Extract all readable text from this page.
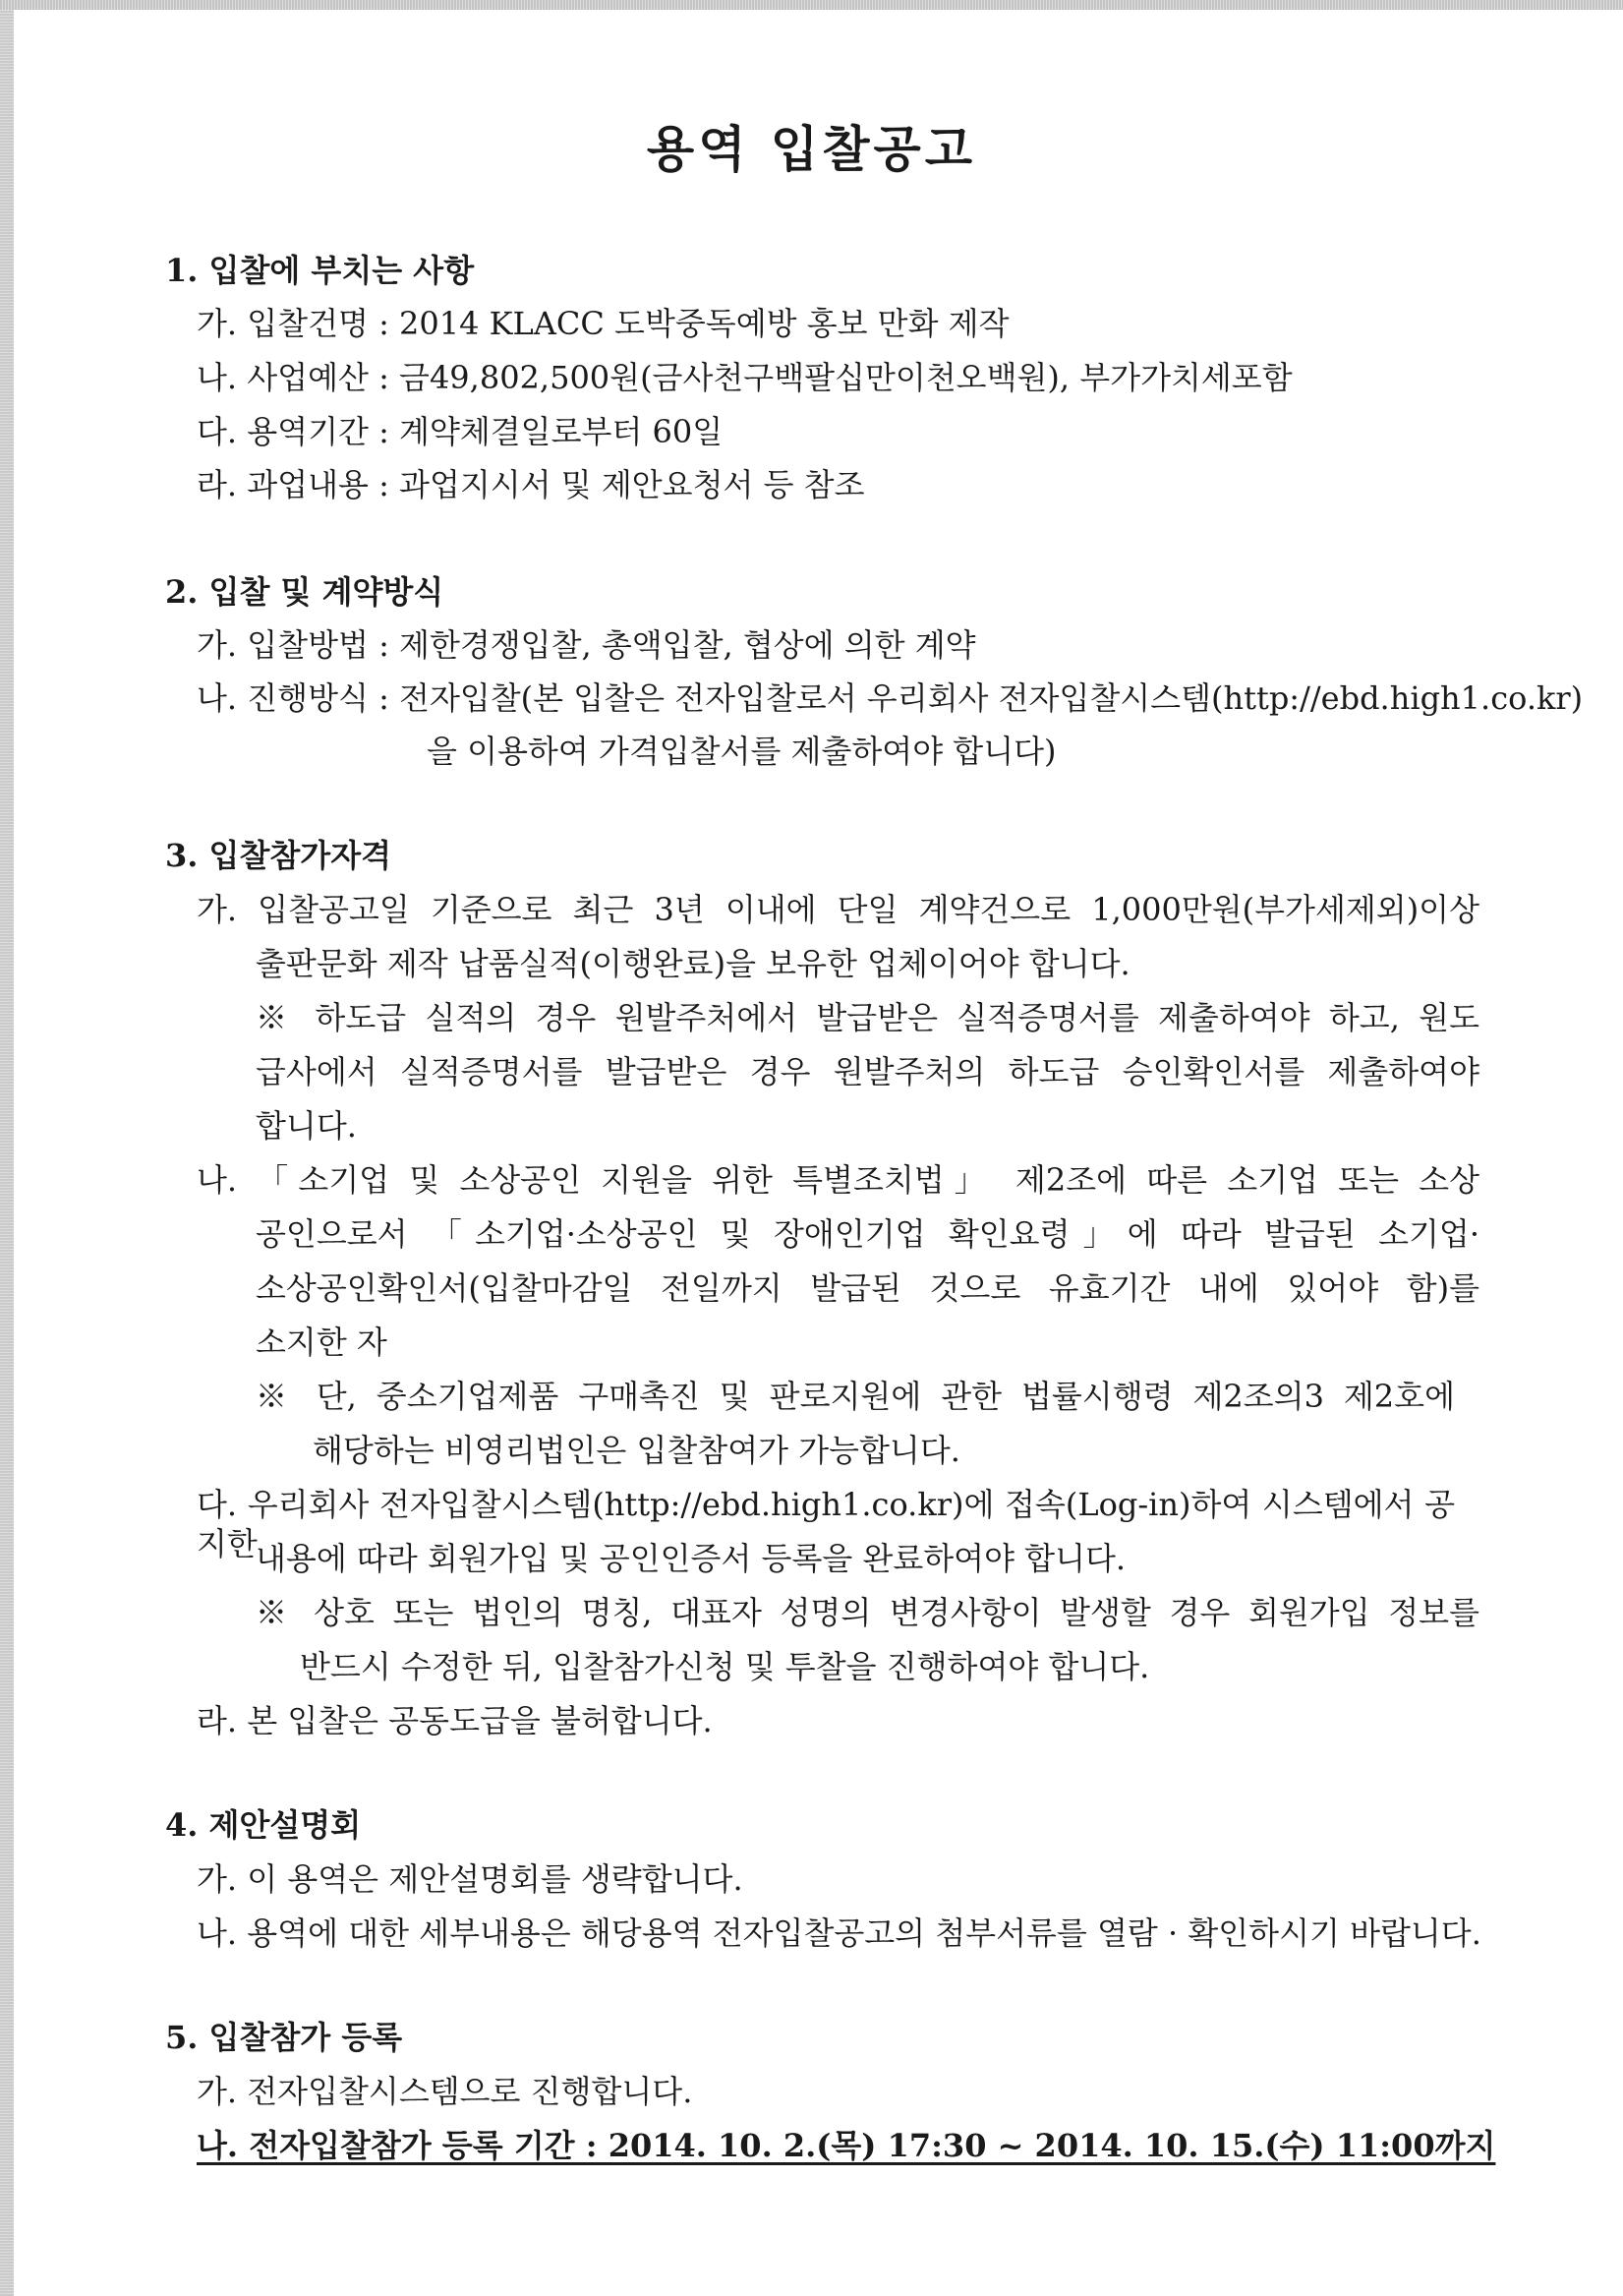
용역 입찰공고
1. 입찰에 부치는 사항
가. 입찰건명 : 2014 KLACC 도박중독예방 홍보 만화 제작
나. 사업예산 : 금49,802,500원(금사천구백팔십만이천오백원), 부가가치세포함
다. 용역기간 : 계약체결일로부터 60일
라. 과업내용 : 과업지시서 및 제안요청서 등 참조
2. 입찰 및 계약방식
가. 입찰방법 : 제한경쟁입찰, 총액입찰, 협상에 의한 계약
나. 진행방식 : 전자입찰(본 입찰은 전자입찰로서 우리회사 전자입찰시스템(http://ebd.high1.co.kr)
을 이용하여 가격입찰서를 제출하여야 합니다)
3. 입찰참가자격
가. 입찰공고일 기준으로 최근 3년 이내에 단일 계약건으로 1,000만원(부가세제외)이상
출판문화 제작 납품실적(이행완료)을 보유한 업체이어야 합니다.
※ 하도급 실적의 경우 원발주처에서 발급받은 실적증명서를 제출하여야 하고, 원도
급사에서 실적증명서를 발급받은 경우 원발주처의 하도급 승인확인서를 제출하여야
합니다.
나. 「소기업 및 소상공인 지원을 위한 특별조치법」 제2조에 따른 소기업 또는 소상
공인으로서 「소기업·소상공인 및 장애인기업 확인요령」에 따라 발급된 소기업·
소상공인확인서(입찰마감일 전일까지 발급된 것으로 유효기간 내에 있어야 함)를
소지한 자
※ 단, 중소기업제품 구매촉진 및 판로지원에 관한 법률시행령 제2조의3 제2호에
해당하는 비영리법인은 입찰참여가 가능합니다.
다. 우리회사 전자입찰시스템(http://ebd.high1.co.kr)에 접속(Log-in)하여 시스템에서 공지한
내용에 따라 회원가입 및 공인인증서 등록을 완료하여야 합니다.
※ 상호 또는 법인의 명칭, 대표자 성명의 변경사항이 발생할 경우 회원가입 정보를
반드시 수정한 뒤, 입찰참가신청 및 투찰을 진행하여야 합니다.
라. 본 입찰은 공동도급을 불허합니다.
4. 제안설명회
가. 이 용역은 제안설명회를 생략합니다.
나. 용역에 대한 세부내용은 해당용역 전자입찰공고의 첨부서류를 열람 · 확인하시기 바랍니다.
5. 입찰참가 등록
가. 전자입찰시스템으로 진행합니다.
나. 전자입찰참가 등록 기간 : 2014. 10. 2.(목) 17:30 ~ 2014. 10. 15.(수) 11:00까지
